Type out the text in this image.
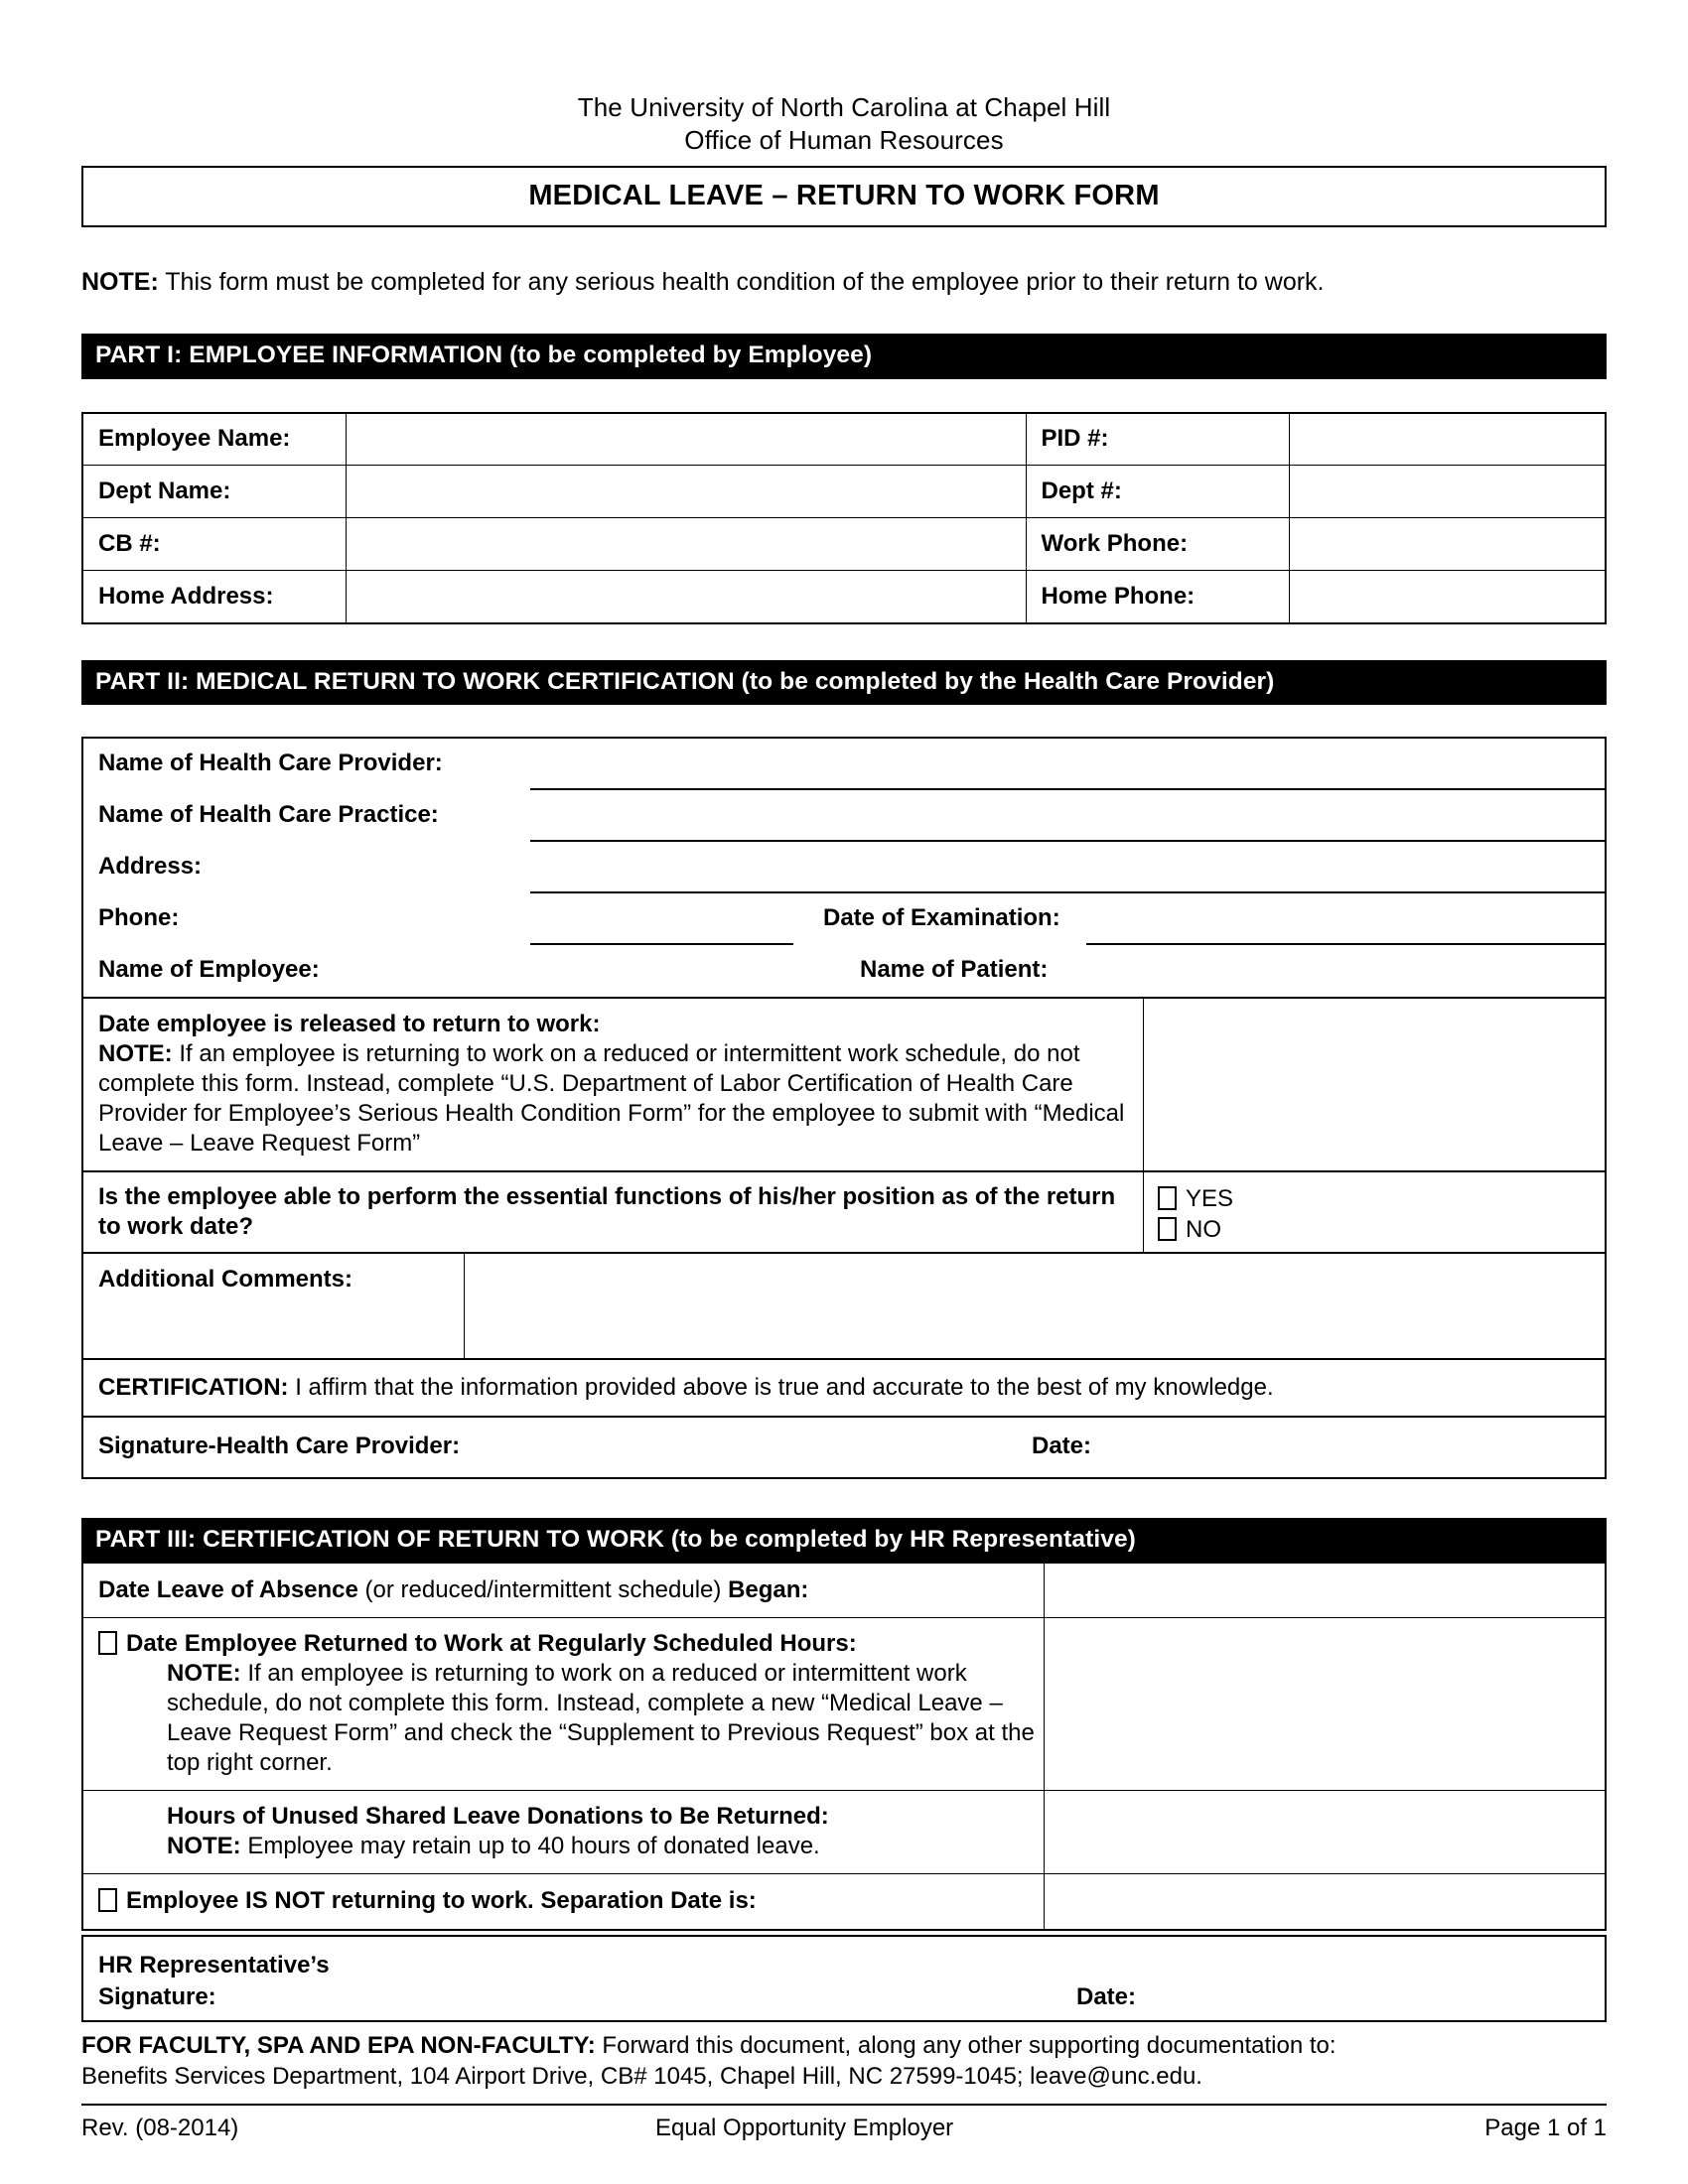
The University of North Carolina at Chapel Hill
Office of Human Resources
MEDICAL LEAVE – RETURN TO WORK FORM
NOTE: This form must be completed for any serious health condition of the employee prior to their return to work.
PART I: EMPLOYEE INFORMATION (to be completed by Employee)
Employee Name:		PID #:	
Dept Name:		Dept #:	
CB #:		Work Phone:	
Home Address:		Home Phone:	
PART II: MEDICAL RETURN TO WORK CERTIFICATION (to be completed by the Health Care Provider)
Name of Health Care Provider:
Name of Health Care Practice:
Address:
Phone:	Date of Examination:
Name of Employee:	Name of Patient:
Date employee is released to return to work:
NOTE: If an employee is returning to work on a reduced or intermittent work schedule, do not complete this form. Instead, complete “U.S. Department of Labor Certification of Health Care Provider for Employee’s Serious Health Condition Form” for the employee to submit with “Medical Leave – Leave Request Form”
Is the employee able to perform the essential functions of his/her position as of the return to work date?
YES
NO
Additional Comments:
CERTIFICATION: I affirm that the information provided above is true and accurate to the best of my knowledge.
Signature-Health Care Provider:	Date:
PART III: CERTIFICATION OF RETURN TO WORK (to be completed by HR Representative)
Date Leave of Absence (or reduced/intermittent schedule) Began:
Date Employee Returned to Work at Regularly Scheduled Hours:
NOTE: If an employee is returning to work on a reduced or intermittent work schedule, do not complete this form. Instead, complete a new “Medical Leave – Leave Request Form” and check the “Supplement to Previous Request” box at the top right corner.
Hours of Unused Shared Leave Donations to Be Returned:
NOTE: Employee may retain up to 40 hours of donated leave.
Employee IS NOT returning to work. Separation Date is:
HR Representative’s
Signature:	Date:
FOR FACULTY, SPA AND EPA NON-FACULTY: Forward this document, along any other supporting documentation to:
Benefits Services Department, 104 Airport Drive, CB# 1045, Chapel Hill, NC 27599-1045; leave@unc.edu.
Rev. (08-2014)	Equal Opportunity Employer	Page 1 of 1
